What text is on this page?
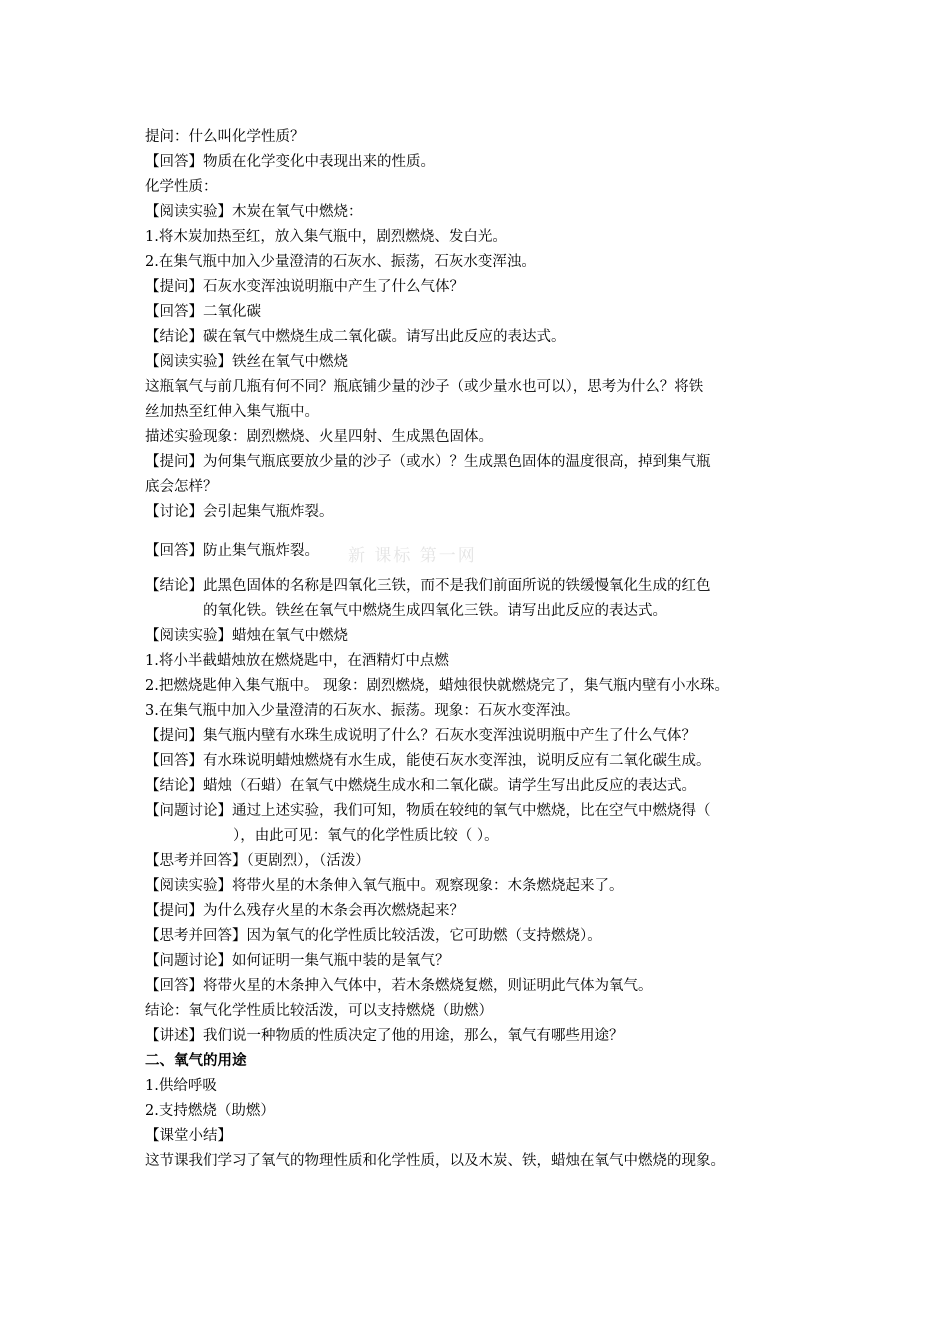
提问：什么叫化学性质？
【回答】物质在化学变化中表现出来的性质。
化学性质：
【阅读实验】木炭在氧气中燃烧：
1.将木炭加热至红，放入集气瓶中，剧烈燃烧、发白光。
2.在集气瓶中加入少量澄清的石灰水、振荡，石灰水变浑浊。
【提问】石灰水变浑浊说明瓶中产生了什么气体？
【回答】二氧化碳
【结论】碳在氧气中燃烧生成二氧化碳。请写出此反应的表达式。
【阅读实验】铁丝在氧气中燃烧
这瓶氧气与前几瓶有何不同？瓶底铺少量的沙子（或少量水也可以），思考为什么？将铁
丝加热至红伸入集气瓶中。
描述实验现象：剧烈燃烧、火星四射、生成黑色固体。
【提问】为何集气瓶底要放少量的沙子（或水）？生成黑色固体的温度很高，掉到集气瓶
底会怎样？
【讨论】会引起集气瓶炸裂。
【回答】防止集气瓶炸裂。 新 课标 第一网
【结论】此黑色固体的名称是四氧化三铁，而不是我们前面所说的铁缓慢氧化生成的红色
的氧化铁。铁丝在氧气中燃烧生成四氧化三铁。请写出此反应的表达式。
【阅读实验】蜡烛在氧气中燃烧
1.将小半截蜡烛放在燃烧匙中，在酒精灯中点燃
2.把燃烧匙伸入集气瓶中。 现象：剧烈燃烧，蜡烛很快就燃烧完了，集气瓶内壁有小水珠。
3.在集气瓶中加入少量澄清的石灰水、振荡。现象：石灰水变浑浊。
【提问】集气瓶内壁有水珠生成说明了什么？石灰水变浑浊说明瓶中产生了什么气体？
【回答】有水珠说明蜡烛燃烧有水生成，能使石灰水变浑浊，说明反应有二氧化碳生成。
【结论】蜡烛（石蜡）在氧气中燃烧生成水和二氧化碳。请学生写出此反应的表达式。
【问题讨论】通过上述实验，我们可知，物质在较纯的氧气中燃烧，比在空气中燃烧得（
），由此可见：氧气的化学性质比较（ ）。
【思考并回答】（更剧烈），（活泼）
【阅读实验】将带火星的木条伸入氧气瓶中。观察现象：木条燃烧起来了。
【提问】为什么残存火星的木条会再次燃烧起来？
【思考并回答】因为氧气的化学性质比较活泼，它可助燃（支持燃烧）。
【问题讨论】如何证明一集气瓶中装的是氧气？
【回答】将带火星的木条抻入气体中，若木条燃烧复燃，则证明此气体为氧气。
结论：氧气化学性质比较活泼，可以支持燃烧（助燃）
【讲述】我们说一种物质的性质决定了他的用途，那么，氧气有哪些用途？
二、氧气的用途
1.供给呼吸
2.支持燃烧（助燃）
【课堂小结】
这节课我们学习了氧气的物理性质和化学性质，以及木炭、铁，蜡烛在氧气中燃烧的现象。
